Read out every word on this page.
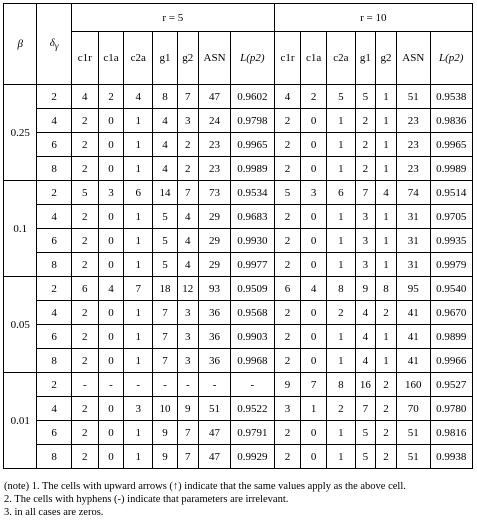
β	$\delta_\gamma$	r = 5							r = 10						
		c1r	c1a	c2a	g1	g2	ASN	L(p2)	c1r	c1a	c2a	g1	g2	ASN	L(p2)
0.25	2	4	2	4	8	7	47	0.9602	4	2	5	5	1	51	0.9538
	4	2	0	1	4	3	24	0.9798	2	0	1	2	1	23	0.9836
	6	2	0	1	4	2	23	0.9965	2	0	1	2	1	23	0.9965
	8	2	0	1	4	2	23	0.9989	2	0	1	2	1	23	0.9989
0.1	2	5	3	6	14	7	73	0.9534	5	3	6	7	4	74	0.9514
	4	2	0	1	5	4	29	0.9683	2	0	1	3	1	31	0.9705
	6	2	0	1	5	4	29	0.9930	2	0	1	3	1	31	0.9935
	8	2	0	1	5	4	29	0.9977	2	0	1	3	1	31	0.9979
0.05	2	6	4	7	18	12	93	0.9509	6	4	8	9	8	95	0.9540
	4	2	0	1	7	3	36	0.9568	2	0	2	4	2	41	0.9670
	6	2	0	1	7	3	36	0.9903	2	0	1	4	1	41	0.9899
	8	2	0	1	7	3	36	0.9968	2	0	1	4	1	41	0.9966
0.01	2	-	-	-	-	-	-	-	9	7	8	16	2	160	0.9527
	4	2	0	3	10	9	51	0.9522	3	1	2	7	2	70	0.9780
	6	2	0	1	9	7	47	0.9791	2	0	1	5	2	51	0.9816
	8	2	0	1	9	7	47	0.9929	2	0	1	5	2	51	0.9938
(note) 1. The cells with upward arrows (↑) indicate that the same values apply as the above cell.
2. The cells with hyphens (-) indicate that parameters are irrelevant.
3. in all cases are zeros.
